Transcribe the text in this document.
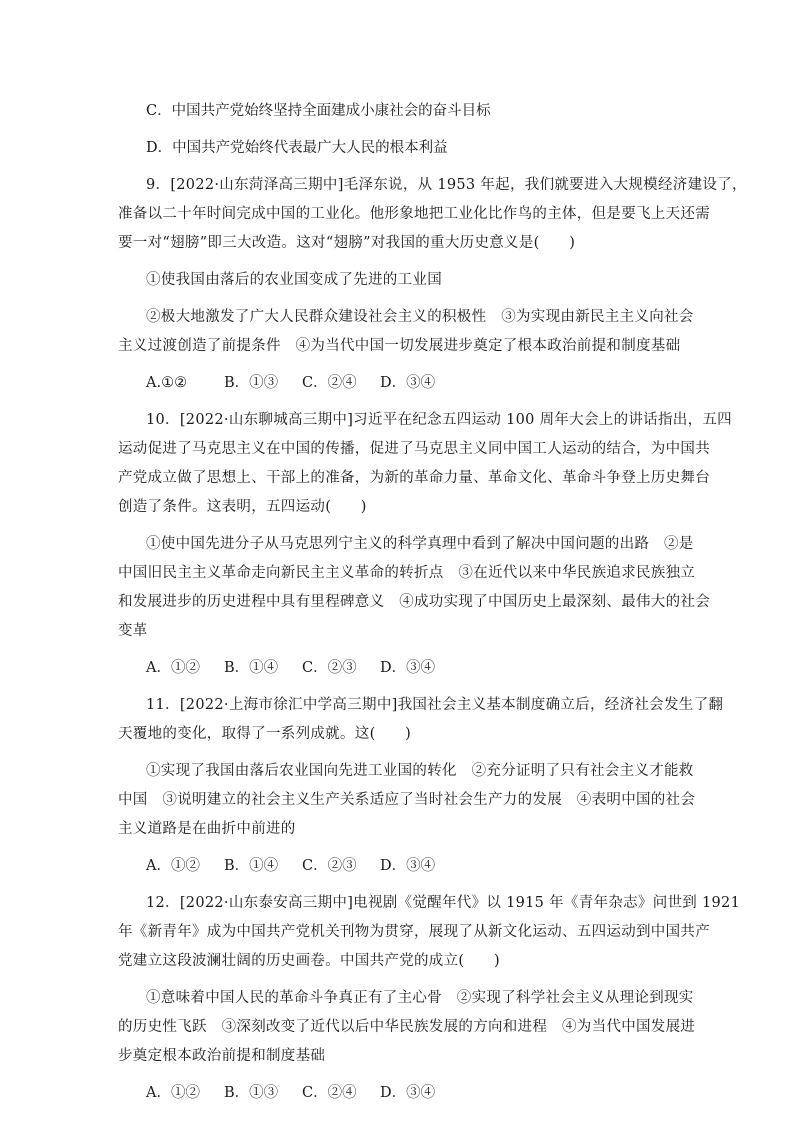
C．中国共产党始终坚持全面建成小康社会的奋斗目标
D．中国共产党始终代表最广大人民的根本利益
9．[2022·山东菏泽高三期中]毛泽东说，从 1953 年起，我们就要进入大规模经济建设了，
准备以二十年时间完成中国的工业化。他形象地把工业化比作鸟的主体，但是要飞上天还需
要一对“翅膀”即三大改造。这对“翅膀”对我国的重大历史意义是(　　)
①使我国由落后的农业国变成了先进的工业国
②极大地激发了广大人民群众建设社会主义的积极性　③为实现由新民主主义向社会
主义过渡创造了前提条件　④为当代中国一切发展进步奠定了根本政治前提和制度基础
A.①②	B．①③	C．②④	D．③④
10．[2022·山东聊城高三期中]习近平在纪念五四运动 100 周年大会上的讲话指出，五四
运动促进了马克思主义在中国的传播，促进了马克思主义同中国工人运动的结合，为中国共
产党成立做了思想上、干部上的准备，为新的革命力量、革命文化、革命斗争登上历史舞台
创造了条件。这表明，五四运动(　　)
①使中国先进分子从马克思列宁主义的科学真理中看到了解决中国问题的出路　②是
中国旧民主主义革命走向新民主主义革命的转折点　③在近代以来中华民族追求民族独立
和发展进步的历史进程中具有里程碑意义　④成功实现了中国历史上最深刻、最伟大的社会
变革
A．①②	B．①④	C．②③	D．③④
11．[2022·上海市徐汇中学高三期中]我国社会主义基本制度确立后，经济社会发生了翻
天覆地的变化，取得了一系列成就。这(　　)
①实现了我国由落后农业国向先进工业国的转化　②充分证明了只有社会主义才能救
中国　③说明建立的社会主义生产关系适应了当时社会生产力的发展　④表明中国的社会
主义道路是在曲折中前进的
A．①②	B．①④	C．②③	D．③④
12．[2022·山东泰安高三期中]电视剧《觉醒年代》以 1915 年《青年杂志》问世到 1921
年《新青年》成为中国共产党机关刊物为贯穿，展现了从新文化运动、五四运动到中国共产
党建立这段波澜壮阔的历史画卷。中国共产党的成立(　　)
①意味着中国人民的革命斗争真正有了主心骨　②实现了科学社会主义从理论到现实
的历史性飞跃　③深刻改变了近代以后中华民族发展的方向和进程　④为当代中国发展进
步奠定根本政治前提和制度基础
A．①②	B．①③	C．②④	D．③④
